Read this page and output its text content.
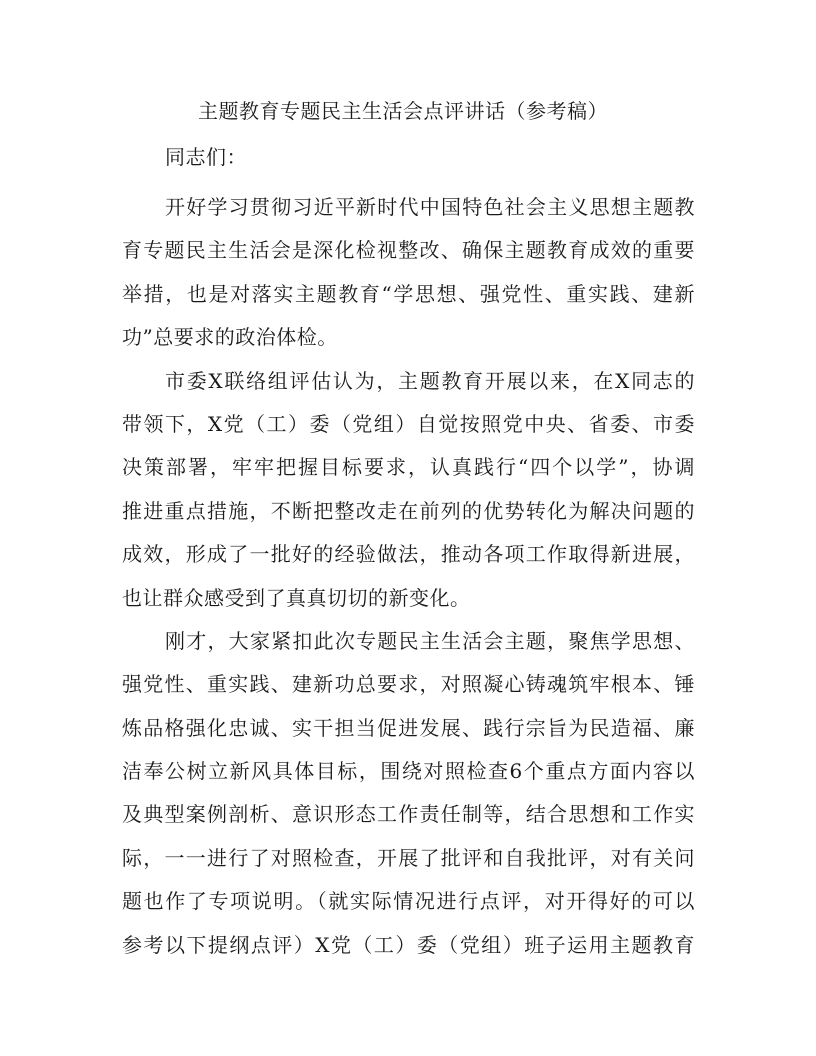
主题教育专题民主生活会点评讲话（参考稿）
同志们：
开好学习贯彻习近平新时代中国特色社会主义思想主题教
育专题民主生活会是深化检视整改、确保主题教育成效的重要
举措，也是对落实主题教育“学思想、强党性、重实践、建新
功”总要求的政治体检。
市委X联络组评估认为，主题教育开展以来，在X同志的
带领下，X党（工）委（党组）自觉按照党中央、省委、市委
决策部署，牢牢把握目标要求，认真践行“四个以学”，协调
推进重点措施，不断把整改走在前列的优势转化为解决问题的
成效，形成了一批好的经验做法，推动各项工作取得新进展，
也让群众感受到了真真切切的新变化。
刚才，大家紧扣此次专题民主生活会主题，聚焦学思想、
强党性、重实践、建新功总要求，对照凝心铸魂筑牢根本、锤
炼品格强化忠诚、实干担当促进发展、践行宗旨为民造福、廉
洁奉公树立新风具体目标，围绕对照检查6个重点方面内容以
及典型案例剖析、意识形态工作责任制等，结合思想和工作实
际，一一进行了对照检查，开展了批评和自我批评，对有关问
题也作了专项说明。（就实际情况进行点评，对开得好的可以
参考以下提纲点评）X党（工）委（党组）班子运用主题教育
